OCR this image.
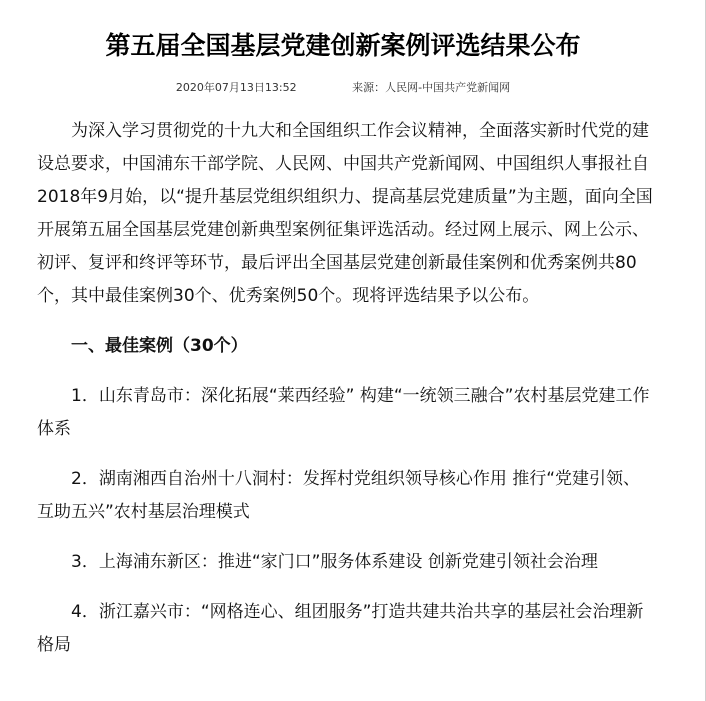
第五届全国基层党建创新案例评选结果公布
2020年07月13日13:52	来源：人民网-中国共产党新闻网

为深入学习贯彻党的十九大和全国组织工作会议精神，全面落实新时代党的建设总要求，中国浦东干部学院、人民网、中国共产党新闻网、中国组织人事报社自2018年9月始，以“提升基层党组织组织力、提高基层党建质量”为主题，面向全国开展第五届全国基层党建创新典型案例征集评选活动。经过网上展示、网上公示、初评、复评和终评等环节，最后评出全国基层党建创新最佳案例和优秀案例共80个，其中最佳案例30个、优秀案例50个。现将评选结果予以公布。

一、最佳案例（30个）

1．山东青岛市：深化拓展“莱西经验” 构建“一统领三融合”农村基层党建工作体系

2．湖南湘西自治州十八洞村：发挥村党组织领导核心作用 推行“党建引领、互助五兴”农村基层治理模式

3．上海浦东新区：推进“家门口”服务体系建设 创新党建引领社会治理

4．浙江嘉兴市：“网格连心、组团服务”打造共建共治共享的基层社会治理新格局
